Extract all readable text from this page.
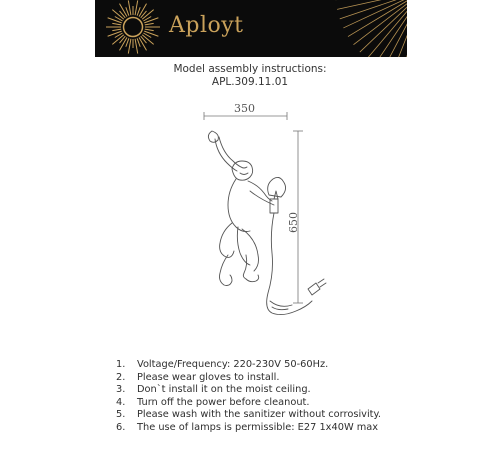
Aployt
Model assembly instructions:
APL.309.11.01
350
650
1.	Voltage/Frequency: 220-230V 50-60Hz.
2.	Please wear gloves to install.
3.	Don`t install it on the moist ceiling.
4.	Turn off the power before cleanout.
5.	Please wash with the sanitizer without corrosivity.
6.	The use of lamps is permissible: E27 1x40W max
